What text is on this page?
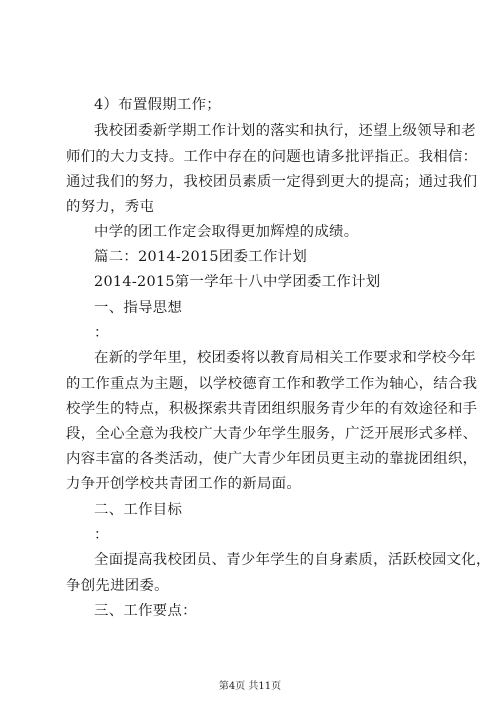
4）布置假期工作；
我校团委新学期工作计划的落实和执行，还望上级领导和老
师们的大力支持。工作中存在的问题也请多批评指正。我相信：
通过我们的努力，我校团员素质一定得到更大的提高；通过我们
的努力，秀屯
中学的团工作定会取得更加辉煌的成绩。
篇二：2014-2015团委工作计划
2014-2015第一学年十八中学团委工作计划
一、指导思想
：
在新的学年里，校团委将以教育局相关工作要求和学校今年
的工作重点为主题，以学校德育工作和教学工作为轴心，结合我
校学生的特点，积极探索共青团组织服务青少年的有效途径和手
段，全心全意为我校广大青少年学生服务，广泛开展形式多样、
内容丰富的各类活动，使广大青少年团员更主动的靠拢团组织，
力争开创学校共青团工作的新局面。
二、工作目标
：
全面提高我校团员、青少年学生的自身素质，活跃校园文化，
争创先进团委。
三、工作要点：
第4页 共11页
